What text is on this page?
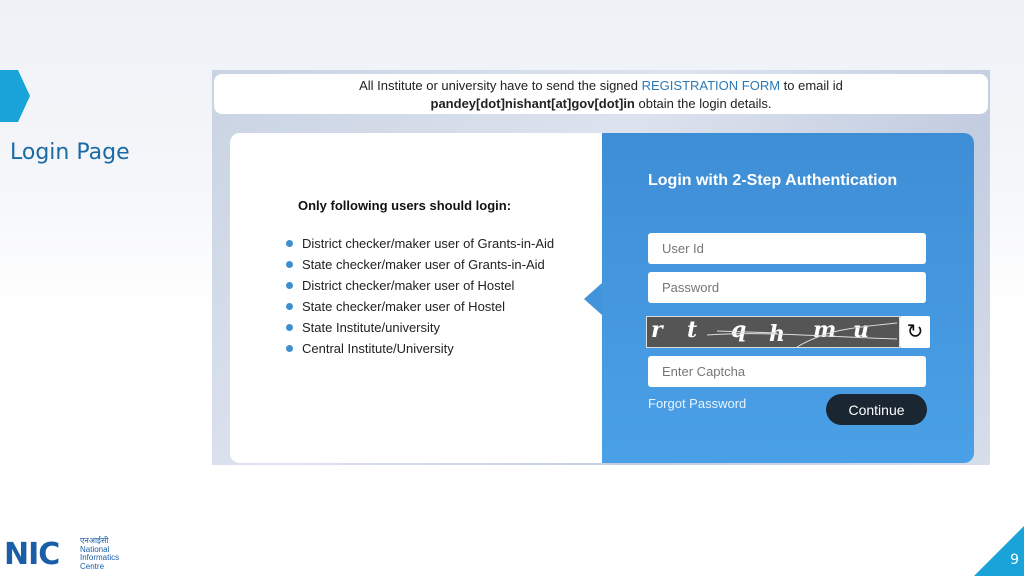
Login Page
All Institute or university have to send the signed REGISTRATION FORM to email id
pandey[dot]nishant[at]gov[dot]in obtain the login details.
Only following users should login:
District checker/maker user of Grants-in-Aid
State checker/maker user of Grants-in-Aid
District checker/maker user of Hostel
State checker/maker user of Hostel
State Institute/university
Central Institute/University
Login with 2-Step Authentication
User Id
r t q h m u	↻
Enter Captcha
Forgot Password	Continue
NIC	एनआईसी
National
Informatics
Centre	9
